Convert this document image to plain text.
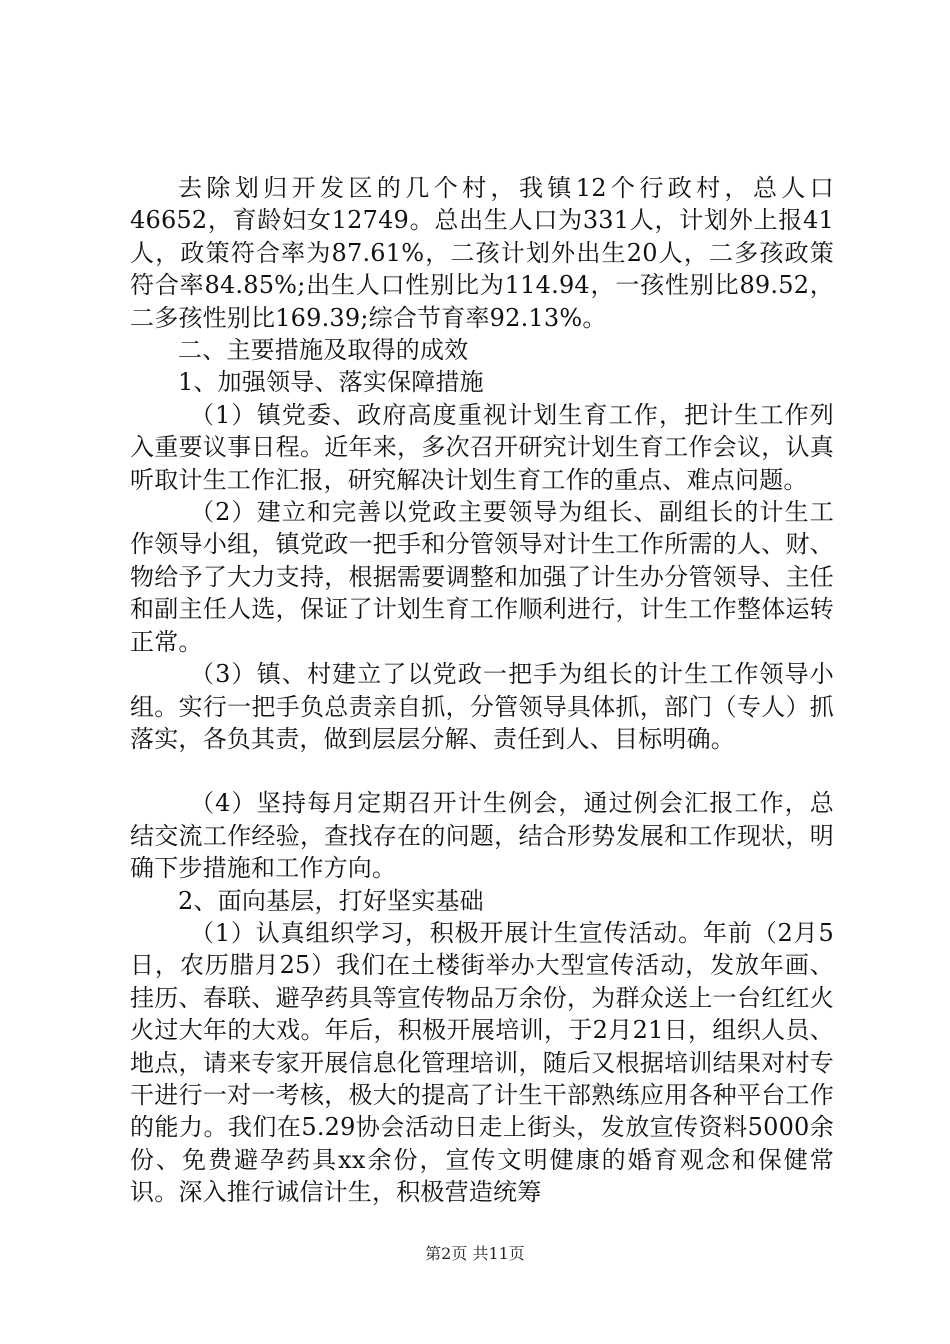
去除划归开发区的几个村，我镇12个行政村，总人口46652，育龄妇女12749。总出生人口为331人，计划外上报41人，政策符合率为87.61%，二孩计划外出生20人，二多孩政策符合率84.85%;出生人口性别比为114.94，一孩性别比89.52，二多孩性别比169.39;综合节育率92.13%。

二、主要措施及取得的成效

1、加强领导、落实保障措施

（1）镇党委、政府高度重视计划生育工作，把计生工作列入重要议事日程。近年来，多次召开研究计划生育工作会议，认真听取计生工作汇报，研究解决计划生育工作的重点、难点问题。

（2）建立和完善以党政主要领导为组长、副组长的计生工作领导小组，镇党政一把手和分管领导对计生工作所需的人、财、物给予了大力支持，根据需要调整和加强了计生办分管领导、主任和副主任人选，保证了计划生育工作顺利进行，计生工作整体运转正常。

（3）镇、村建立了以党政一把手为组长的计生工作领导小组。实行一把手负总责亲自抓，分管领导具体抓，部门（专人）抓落实，各负其责，做到层层分解、责任到人、目标明确。

（4）坚持每月定期召开计生例会，通过例会汇报工作，总结交流工作经验，查找存在的问题，结合形势发展和工作现状，明确下步措施和工作方向。

2、面向基层，打好坚实基础

（1）认真组织学习，积极开展计生宣传活动。年前（2月5日，农历腊月25）我们在土楼街举办大型宣传活动，发放年画、挂历、春联、避孕药具等宣传物品万余份，为群众送上一台红红火火过大年的大戏。年后，积极开展培训，于2月21日，组织人员、地点，请来专家开展信息化管理培训，随后又根据培训结果对村专干进行一对一考核，极大的提高了计生干部熟练应用各种平台工作的能力。我们在5.29协会活动日走上街头，发放宣传资料5000余份、免费避孕药具xx余份，宣传文明健康的婚育观念和保健常识。深入推行诚信计生，积极营造统筹

第2页 共11页
